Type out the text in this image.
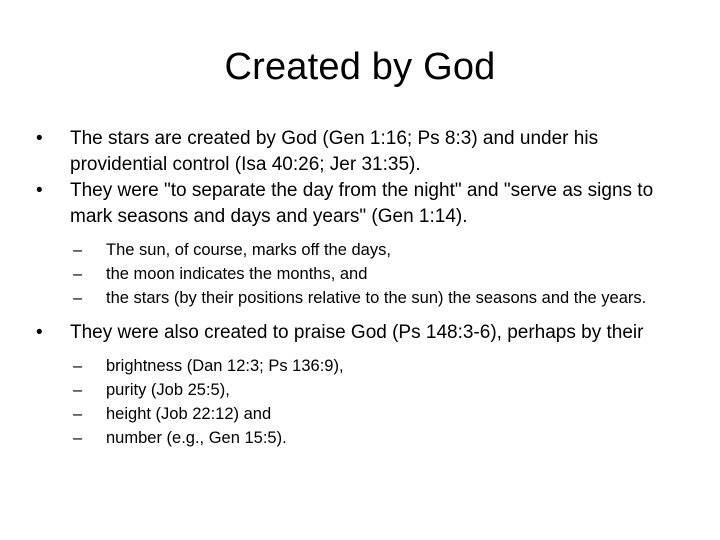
Created by God
•	The stars are created by God (Gen 1:16; Ps 8:3) and under his providential control (Isa 40:26; Jer 31:35).
•	They were "to separate the day from the night" and "serve as signs to mark seasons and days and years" (Gen 1:14).
–	The sun, of course, marks off the days,
–	the moon indicates the months, and
–	the stars (by their positions relative to the sun) the seasons and the years.
•	They were also created to praise God (Ps 148:3-6), perhaps by their
–	brightness (Dan 12:3; Ps 136:9),
–	purity (Job 25:5),
–	height (Job 22:12) and
–	number (e.g., Gen 15:5).
